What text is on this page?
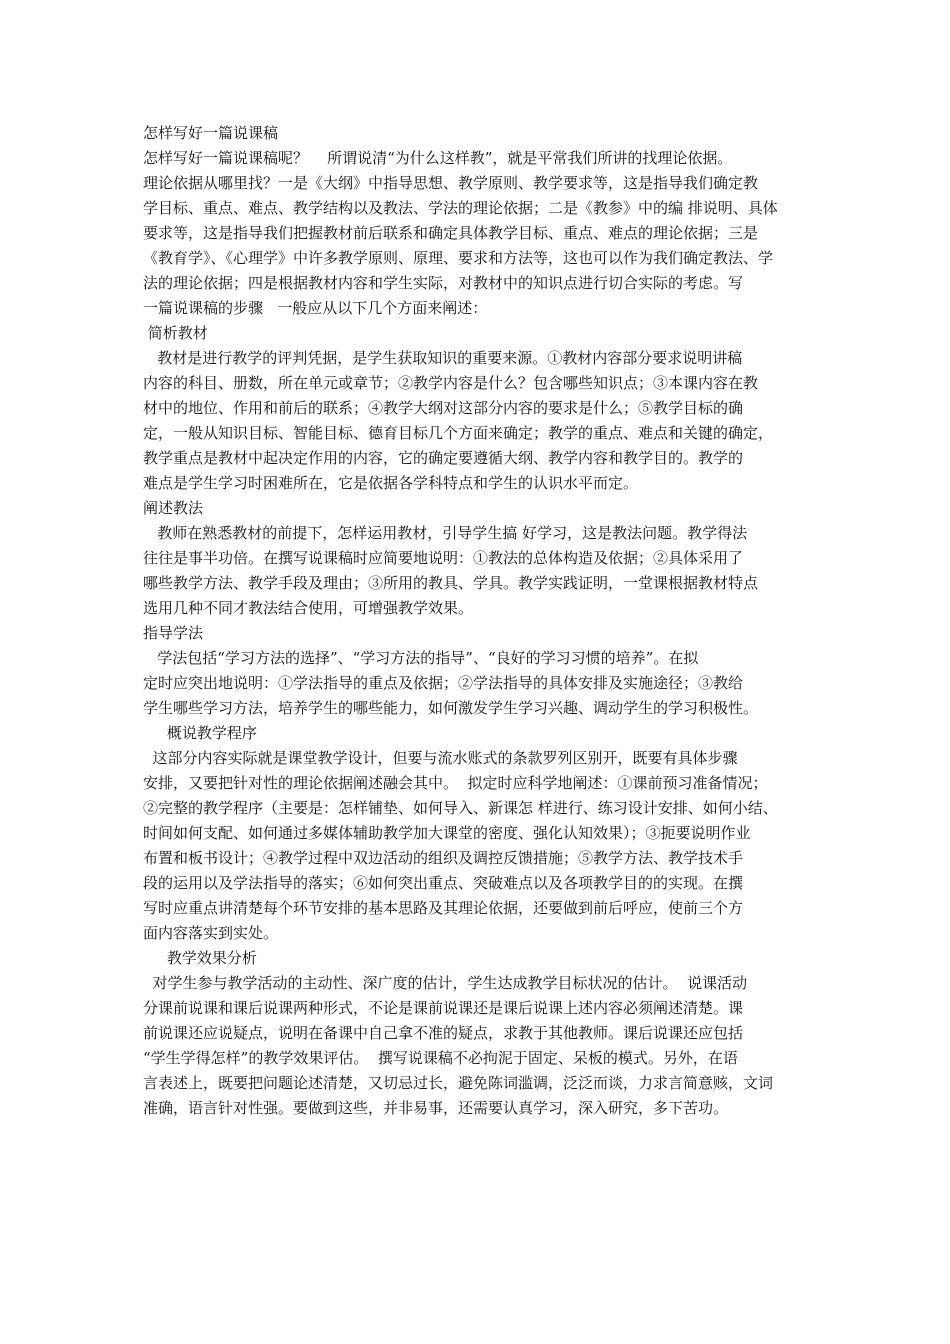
怎样写好一篇说课稿
怎样写好一篇说课稿呢？    所谓说清“为什么这样教”，就是平常我们所讲的找理论依据。
理论依据从哪里找？一是《大纲》中指导思想、教学原则、教学要求等，这是指导我们确定教
学目标、重点、难点、教学结构以及教法、学法的理论依据；二是《教参》中的编 排说明、具体
要求等，这是指导我们把握教材前后联系和确定具体教学目标、重点、难点的理论依据；三是
《教育学》、《心理学》中许多教学原则、原理、要求和方法等，这也可以作为我们确定教法、学
法的理论依据；四是根据教材内容和学生实际，对教材中的知识点进行切合实际的考虑。写
一篇说课稿的步骤   一般应从以下几个方面来阐述：
简析教材
教材是进行教学的评判凭据，是学生获取知识的重要来源。①教材内容部分要求说明讲稿
内容的科目、册数，所在单元或章节；②教学内容是什么？包含哪些知识点；③本课内容在教
材中的地位、作用和前后的联系；④教学大纲对这部分内容的要求是什么；⑤教学目标的确
定，一般从知识目标、智能目标、德育目标几个方面来确定；教学的重点、难点和关键的确定，
教学重点是教材中起决定作用的内容，它的确定要遵循大纲、教学内容和教学目的。教学的
难点是学生学习时困难所在，它是依据各学科特点和学生的认识水平而定。
阐述教法
教师在熟悉教材的前提下，怎样运用教材，引导学生搞 好学习，这是教法问题。教学得法
往往是事半功倍。在撰写说课稿时应简要地说明：①教法的总体构造及依据；②具体采用了
哪些教学方法、教学手段及理由；③所用的教具、学具。教学实践证明，一堂课根据教材特点
选用几种不同才教法结合使用，可增强教学效果。
指导学法
学法包括“学习方法的选择”、“学习方法的指导”、“良好的学习习惯的培养”。在拟
定时应突出地说明：①学法指导的重点及依据；②学法指导的具体安排及实施途径；③教给
学生哪些学习方法，培养学生的哪些能力，如何激发学生学习兴趣、调动学生的学习积极性。
概说教学程序
这部分内容实际就是课堂教学设计，但要与流水账式的条款罗列区别开，既要有具体步骤
安排，又要把针对性的理论依据阐述融会其中。  拟定时应科学地阐述：①课前预习准备情况；
②完整的教学程序（主要是：怎样铺垫、如何导入、新课怎 样进行、练习设计安排、如何小结、
时间如何支配、如何通过多媒体辅助教学加大课堂的密度、强化认知效果）；③扼要说明作业
布置和板书设计；④教学过程中双边活动的组织及调控反馈措施；⑤教学方法、教学技术手
段的运用以及学法指导的落实；⑥如何突出重点、突破难点以及各项教学目的的实现。在撰
写时应重点讲清楚每个环节安排的基本思路及其理论依据，还要做到前后呼应，使前三个方
面内容落实到实处。
教学效果分析
对学生参与教学活动的主动性、深广度的估计，学生达成教学目标状况的估计。  说课活动
分课前说课和课后说课两种形式，不论是课前说课还是课后说课上述内容必须阐述清楚。课
前说课还应说疑点，说明在备课中自己拿不准的疑点，求教于其他教师。课后说课还应包括
“学生学得怎样”的教学效果评估。  撰写说课稿不必拘泥于固定、呆板的模式。另外，在语
言表述上，既要把问题论述清楚，又切忌过长，避免陈词滥调，泛泛而谈，力求言简意赅，文词
准确，语言针对性强。要做到这些，并非易事，还需要认真学习，深入研究，多下苦功。
